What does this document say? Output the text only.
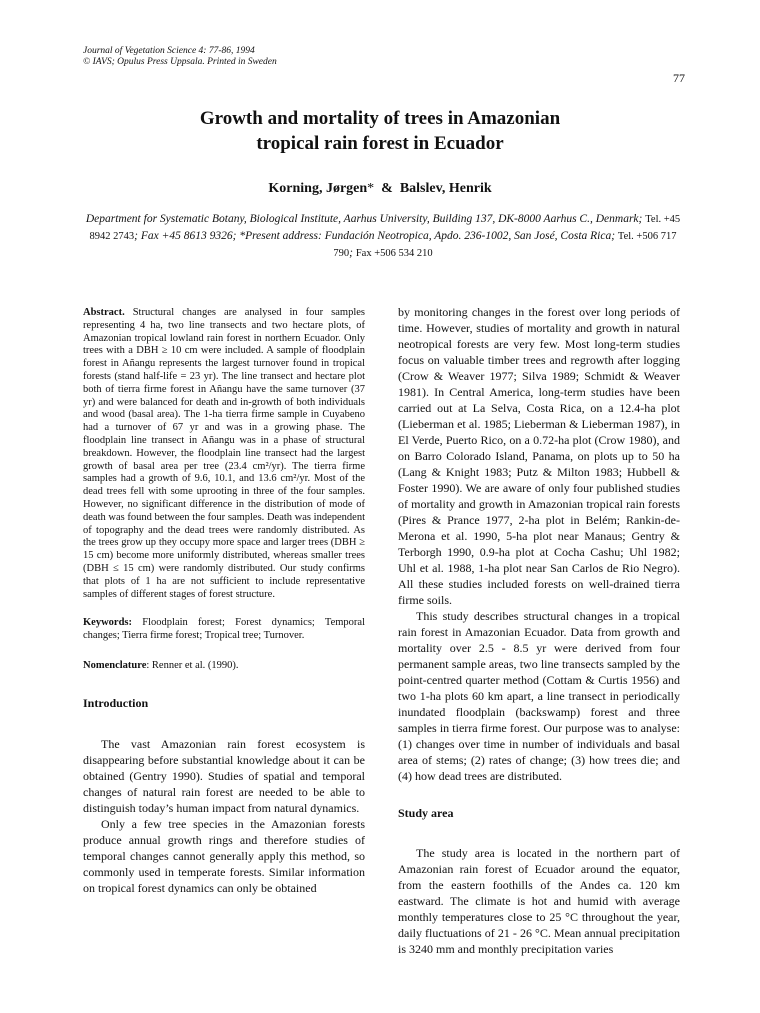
Journal of Vegetation Science 4: 77-86, 1994
© IAVS; Opulus Press Uppsala. Printed in Sweden
77
Growth and mortality of trees in Amazonian
tropical rain forest in Ecuador
Korning, Jørgen* & Balslev, Henrik
Department for Systematic Botany, Biological Institute, Aarhus University, Building 137, DK-8000 Aarhus C., Denmark; Tel. +45 8942 2743; Fax +45 8613 9326; *Present address: Fundación Neotropica, Apdo. 236-1002, San José, Costa Rica; Tel. +506 717 790; Fax +506 534 210

Abstract. Structural changes are analysed in four samples representing 4 ha, two line transects and two hectare plots, of Amazonian tropical lowland rain forest in northern Ecuador. Only trees with a DBH ≥ 10 cm were included. A sample of floodplain forest in Añangu represents the largest turnover found in tropical forests (stand half-life = 23 yr). The line transect and hectare plot both of tierra firme forest in Añangu have the same turnover (37 yr) and were balanced for death and in-growth of both individuals and wood (basal area). The 1-ha tierra firme sample in Cuyabeno had a turnover of 67 yr and was in a growing phase. The floodplain line transect in Añangu was in a phase of structural breakdown. However, the floodplain line transect had the largest growth of basal area per tree (23.4 cm²/yr). The tierra firme samples had a growth of 9.6, 10.1, and 13.6 cm²/yr. Most of the dead trees fell with some uprooting in three of the four samples. However, no significant difference in the distribution of mode of death was found between the four samples. Death was independent of topography and the dead trees were randomly distributed. As the trees grow up they occupy more space and larger trees (DBH ≥ 15 cm) become more uniformly distributed, whereas smaller trees (DBH ≤ 15 cm) were randomly distributed. Our study confirms that plots of 1 ha are not sufficient to include representative samples of different stages of forest structure.

Keywords: Floodplain forest; Forest dynamics; Temporal changes; Tierra firme forest; Tropical tree; Turnover.

Nomenclature: Renner et al. (1990).

Introduction

The vast Amazonian rain forest ecosystem is disappearing before substantial knowledge about it can be obtained (Gentry 1990). Studies of spatial and temporal changes of natural rain forest are needed to be able to distinguish today’s human impact from natural dynamics.

Only a few tree species in the Amazonian forests produce annual growth rings and therefore studies of temporal changes cannot generally apply this method, so commonly used in temperate forests. Similar information on tropical forest dynamics can only be obtained

by monitoring changes in the forest over long periods of time. However, studies of mortality and growth in natural neotropical forests are very few. Most long-term studies focus on valuable timber trees and regrowth after logging (Crow & Weaver 1977; Silva 1989; Schmidt & Weaver 1981). In Central America, long-term studies have been carried out at La Selva, Costa Rica, on a 12.4-ha plot (Lieberman et al. 1985; Lieberman & Lieberman 1987), in El Verde, Puerto Rico, on a 0.72-ha plot (Crow 1980), and on Barro Colorado Island, Panama, on plots up to 50 ha (Lang & Knight 1983; Putz & Milton 1983; Hubbell & Foster 1990). We are aware of only four published studies of mortality and growth in Amazonian tropical rain forests (Pires & Prance 1977, 2-ha plot in Belém; Rankin-de-Merona et al. 1990, 5-ha plot near Manaus; Gentry & Terborgh 1990, 0.9-ha plot at Cocha Cashu; Uhl 1982; Uhl et al. 1988, 1-ha plot near San Carlos de Rio Negro). All these studies included forests on well-drained tierra firme soils.

This study describes structural changes in a tropical rain forest in Amazonian Ecuador. Data from growth and mortality over 2.5 - 8.5 yr were derived from four permanent sample areas, two line transects sampled by the point-centred quarter method (Cottam & Curtis 1956) and two 1-ha plots 60 km apart, a line transect in periodically inundated floodplain (backswamp) forest and three samples in tierra firme forest. Our purpose was to analyse: (1) changes over time in number of individuals and basal area of stems; (2) rates of change; (3) how trees die; and (4) how dead trees are distributed.

Study area

The study area is located in the northern part of Amazonian rain forest of Ecuador around the equator, from the eastern foothills of the Andes ca. 120 km eastward. The climate is hot and humid with average monthly temperatures close to 25 °C throughout the year, daily fluctuations of 21 - 26 °C. Mean annual precipitation is 3240 mm and monthly precipitation varies
